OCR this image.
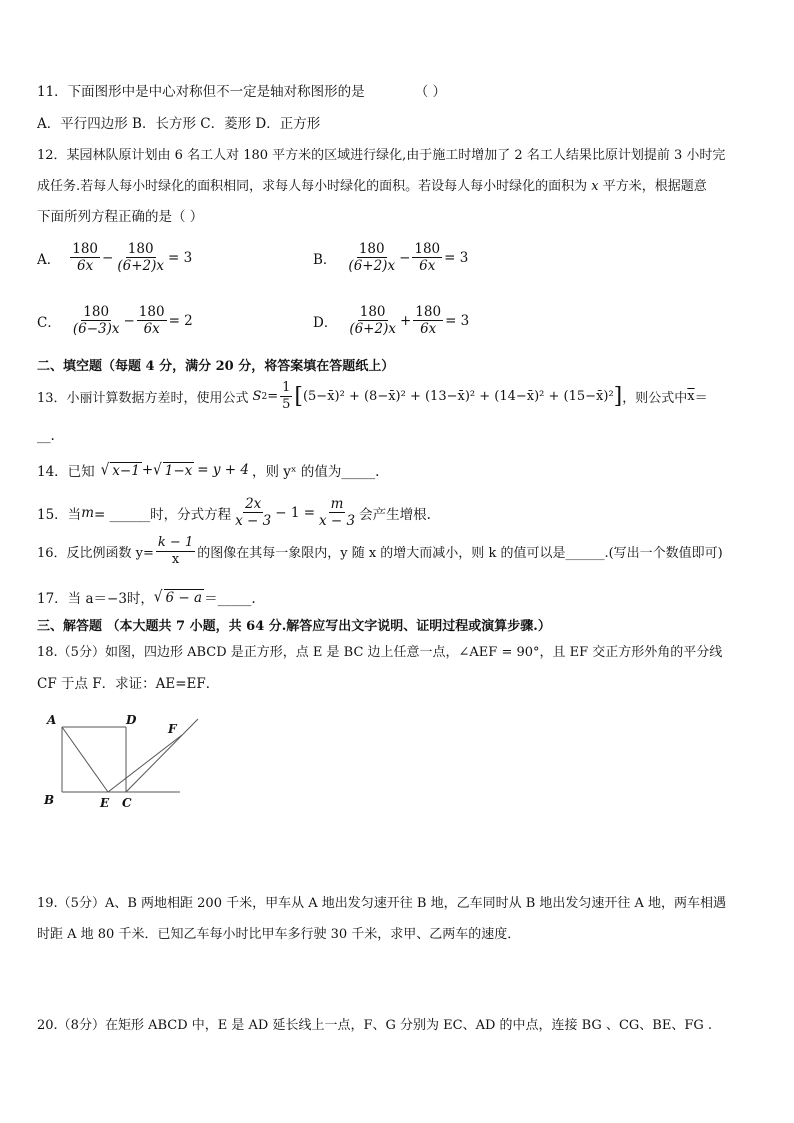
11．下面图形中是中心对称但不一定是轴对称图形的是	（ ）
A．平行四边形 B．长方形 C．菱形 D．正方形
12．某园林队原计划由 6 名工人对 180 平方米的区域进行绿化,由于施工时增加了 2 名工人结果比原计划提前 3 小时完
成任务.若每人每小时绿化的面积相同，求每人每小时绿化的面积。若设每人每小时绿化的面积为 x 平方米，根据题意
下面所列方程正确的是（ ）
A． $\frac{180}{6x} - \frac{180}{(6+2)x} = 3$	B． $\frac{180}{(6+2)x} - \frac{180}{6x} = 3$
C． $\frac{180}{(6-3)x} - \frac{180}{6x} = 2$	D． $\frac{180}{(6+2)x} + \frac{180}{6x} = 3$
二、填空题（每题 4 分，满分 20 分，将答案填在答题纸上）
13．小丽计算数据方差时，使用公式 S $2 = \frac{1}{5}$ [ (5−x̄)² + (8−x̄)² + (13−x̄)² + (14−x̄)² + (15−x̄)² ] ，则公式中 $\overline{x}$ ＝
__.
14．已知 √ x−1 + √ 1−x = y + 4 ，则 yˣ 的值为_____.
15．当 m = ______时，分式方程 $\frac{2x}{x - 3} - 1 = \frac{m}{x - 3}$ 会产生增根.
16．反比例函数 $y= \frac{k - 1}{x}$ 的图像在其每一象限内，y 随 x 的增大而减小，则 k 的值可以是______.(写出一个数值即可)
17．当 a＝−3时， √ 6 − a ＝_____.
三、解答题 （本大题共 7 小题，共 64 分.解答应写出文字说明、证明过程或演算步骤.）
18.（5分）如图，四边形 ABCD 是正方形，点 E 是 BC 边上任意一点，∠AEF = 90°，且 EF 交正方形外角的平分线
CF 于点 F．求证：AE=EF．
A	D
F
B	E C
19.（5分）A、B 两地相距 200 千米，甲车从 A 地出发匀速开往 B 地，乙车同时从 B 地出发匀速开往 A 地，两车相遇
时距 A 地 80 千米．已知乙车每小时比甲车多行驶 30 千米，求甲、乙两车的速度．
20.（8分）在矩形 ABCD 中，E 是 AD 延长线上一点，F、G 分别为 EC、AD 的中点，连接 BG 、CG、BE、FG .
